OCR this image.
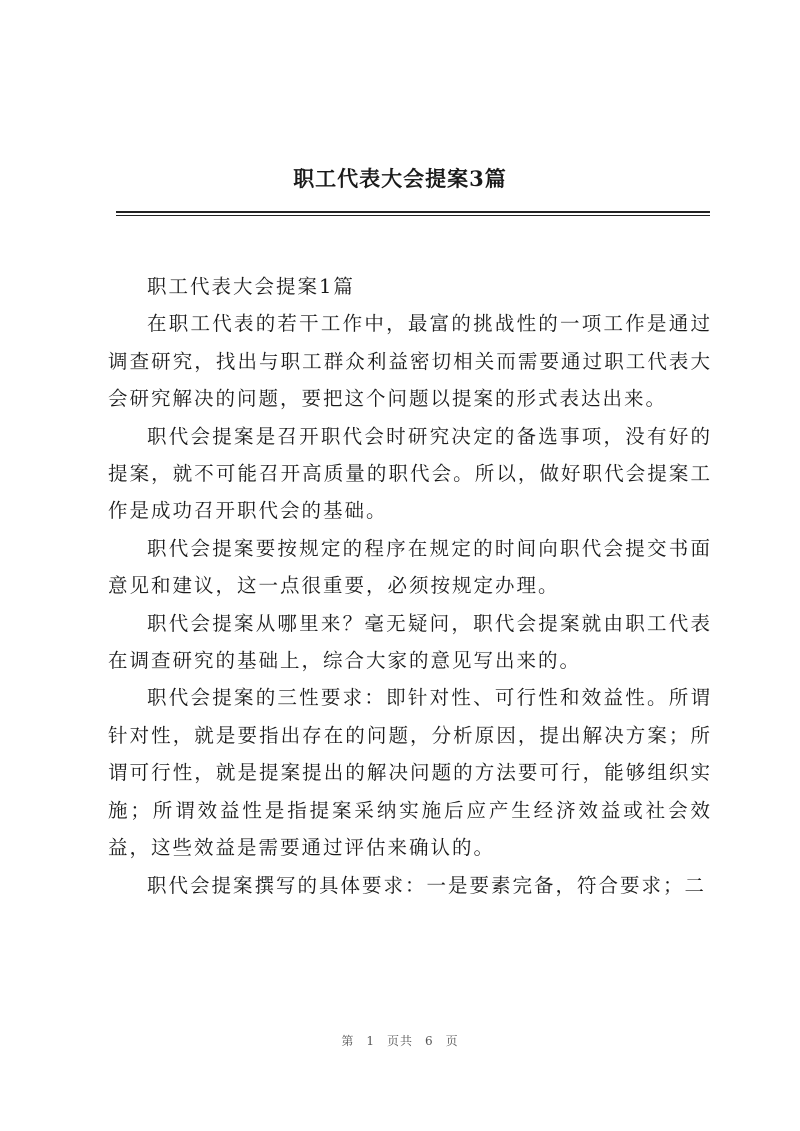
职工代表大会提案3篇

职工代表大会提案1篇

在职工代表的若干工作中，最富的挑战性的一项工作是通过调查研究，找出与职工群众利益密切相关而需要通过职工代表大会研究解决的问题，要把这个问题以提案的形式表达出来。

职代会提案是召开职代会时研究决定的备选事项，没有好的提案，就不可能召开高质量的职代会。所以，做好职代会提案工作是成功召开职代会的基础。

职代会提案要按规定的程序在规定的时间向职代会提交书面意见和建议，这一点很重要，必须按规定办理。

职代会提案从哪里来？毫无疑问，职代会提案就由职工代表在调查研究的基础上，综合大家的意见写出来的。

职代会提案的三性要求：即针对性、可行性和效益性。所谓针对性，就是要指出存在的问题，分析原因，提出解决方案；所谓可行性，就是提案提出的解决问题的方法要可行，能够组织实施；所谓效益性是指提案采纳实施后应产生经济效益或社会效益，这些效益是需要通过评估来确认的。

职代会提案撰写的具体要求：一是要素完备，符合要求；二

第 1 页共 6 页
